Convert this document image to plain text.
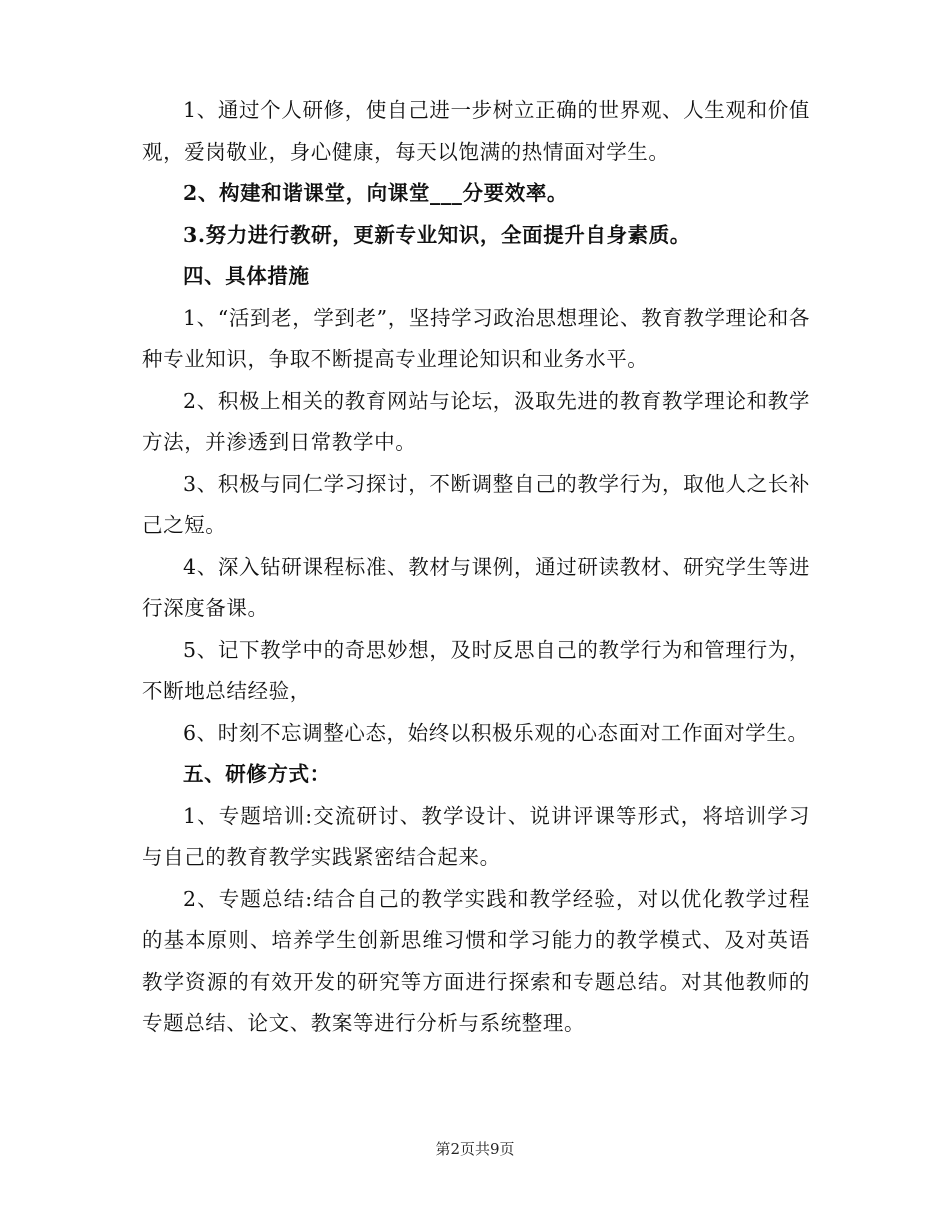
1、通过个人研修，使自己进一步树立正确的世界观、人生观和价值观，爱岗敬业，身心健康，每天以饱满的热情面对学生。

2、构建和谐课堂，向课堂___分要效率。

3.努力进行教研，更新专业知识，全面提升自身素质。

四、具体措施

1、“活到老，学到老”，坚持学习政治思想理论、教育教学理论和各种专业知识，争取不断提高专业理论知识和业务水平。

2、积极上相关的教育网站与论坛，汲取先进的教育教学理论和教学方法，并渗透到日常教学中。

3、积极与同仁学习探讨，不断调整自己的教学行为，取他人之长补己之短。

4、深入钻研课程标准、教材与课例，通过研读教材、研究学生等进行深度备课。

5、记下教学中的奇思妙想，及时反思自己的教学行为和管理行为，不断地总结经验，

6、时刻不忘调整心态，始终以积极乐观的心态面对工作面对学生。

五、研修方式：

1、专题培训:交流研讨、教学设计、说讲评课等形式，将培训学习与自己的教育教学实践紧密结合起来。

2、专题总结:结合自己的教学实践和教学经验，对以优化教学过程的基本原则、培养学生创新思维习惯和学习能力的教学模式、及对英语教学资源的有效开发的研究等方面进行探索和专题总结。对其他教师的专题总结、论文、教案等进行分析与系统整理。

第2页共9页
